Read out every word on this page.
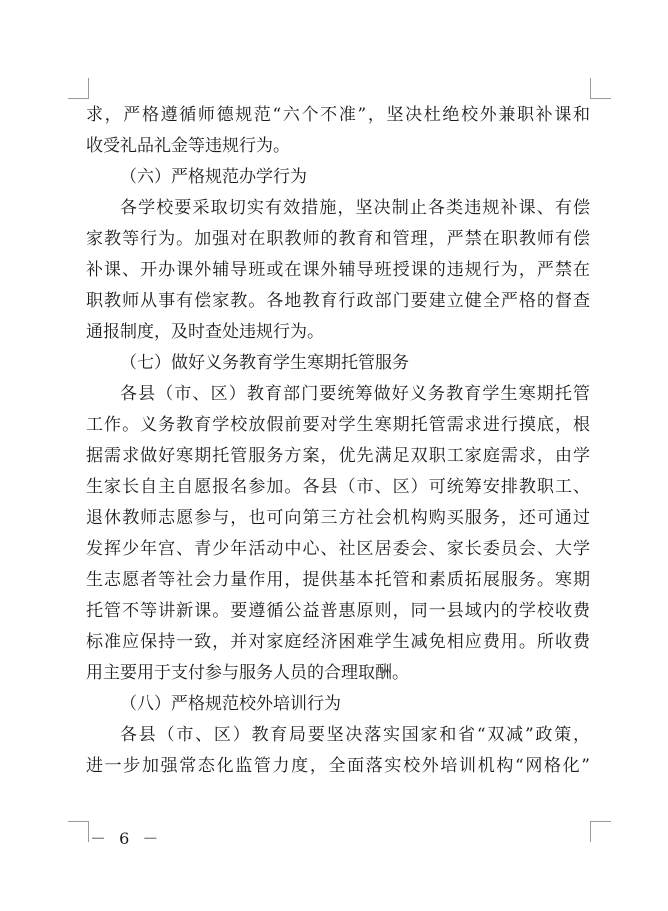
求，严格遵循师德规范“六个不准”，坚决杜绝校外兼职补课和
收受礼品礼金等违规行为。
（六）严格规范办学行为
各学校要采取切实有效措施，坚决制止各类违规补课、有偿
家教等行为。加强对在职教师的教育和管理，严禁在职教师有偿
补课、开办课外辅导班或在课外辅导班授课的违规行为，严禁在
职教师从事有偿家教。各地教育行政部门要建立健全严格的督查
通报制度，及时查处违规行为。
（七）做好义务教育学生寒期托管服务
各县（市、区）教育部门要统筹做好义务教育学生寒期托管
工作。义务教育学校放假前要对学生寒期托管需求进行摸底，根
据需求做好寒期托管服务方案，优先满足双职工家庭需求，由学
生家长自主自愿报名参加。各县（市、区）可统筹安排教职工、
退休教师志愿参与，也可向第三方社会机构购买服务，还可通过
发挥少年宫、青少年活动中心、社区居委会、家长委员会、大学
生志愿者等社会力量作用，提供基本托管和素质拓展服务。寒期
托管不等讲新课。要遵循公益普惠原则，同一县域内的学校收费
标准应保持一致，并对家庭经济困难学生减免相应费用。所收费
用主要用于支付参与服务人员的合理取酬。
（八）严格规范校外培训行为
各县（市、区）教育局要坚决落实国家和省“双减”政策，
进一步加强常态化监管力度，全面落实校外培训机构“网格化”
－ 6 －
